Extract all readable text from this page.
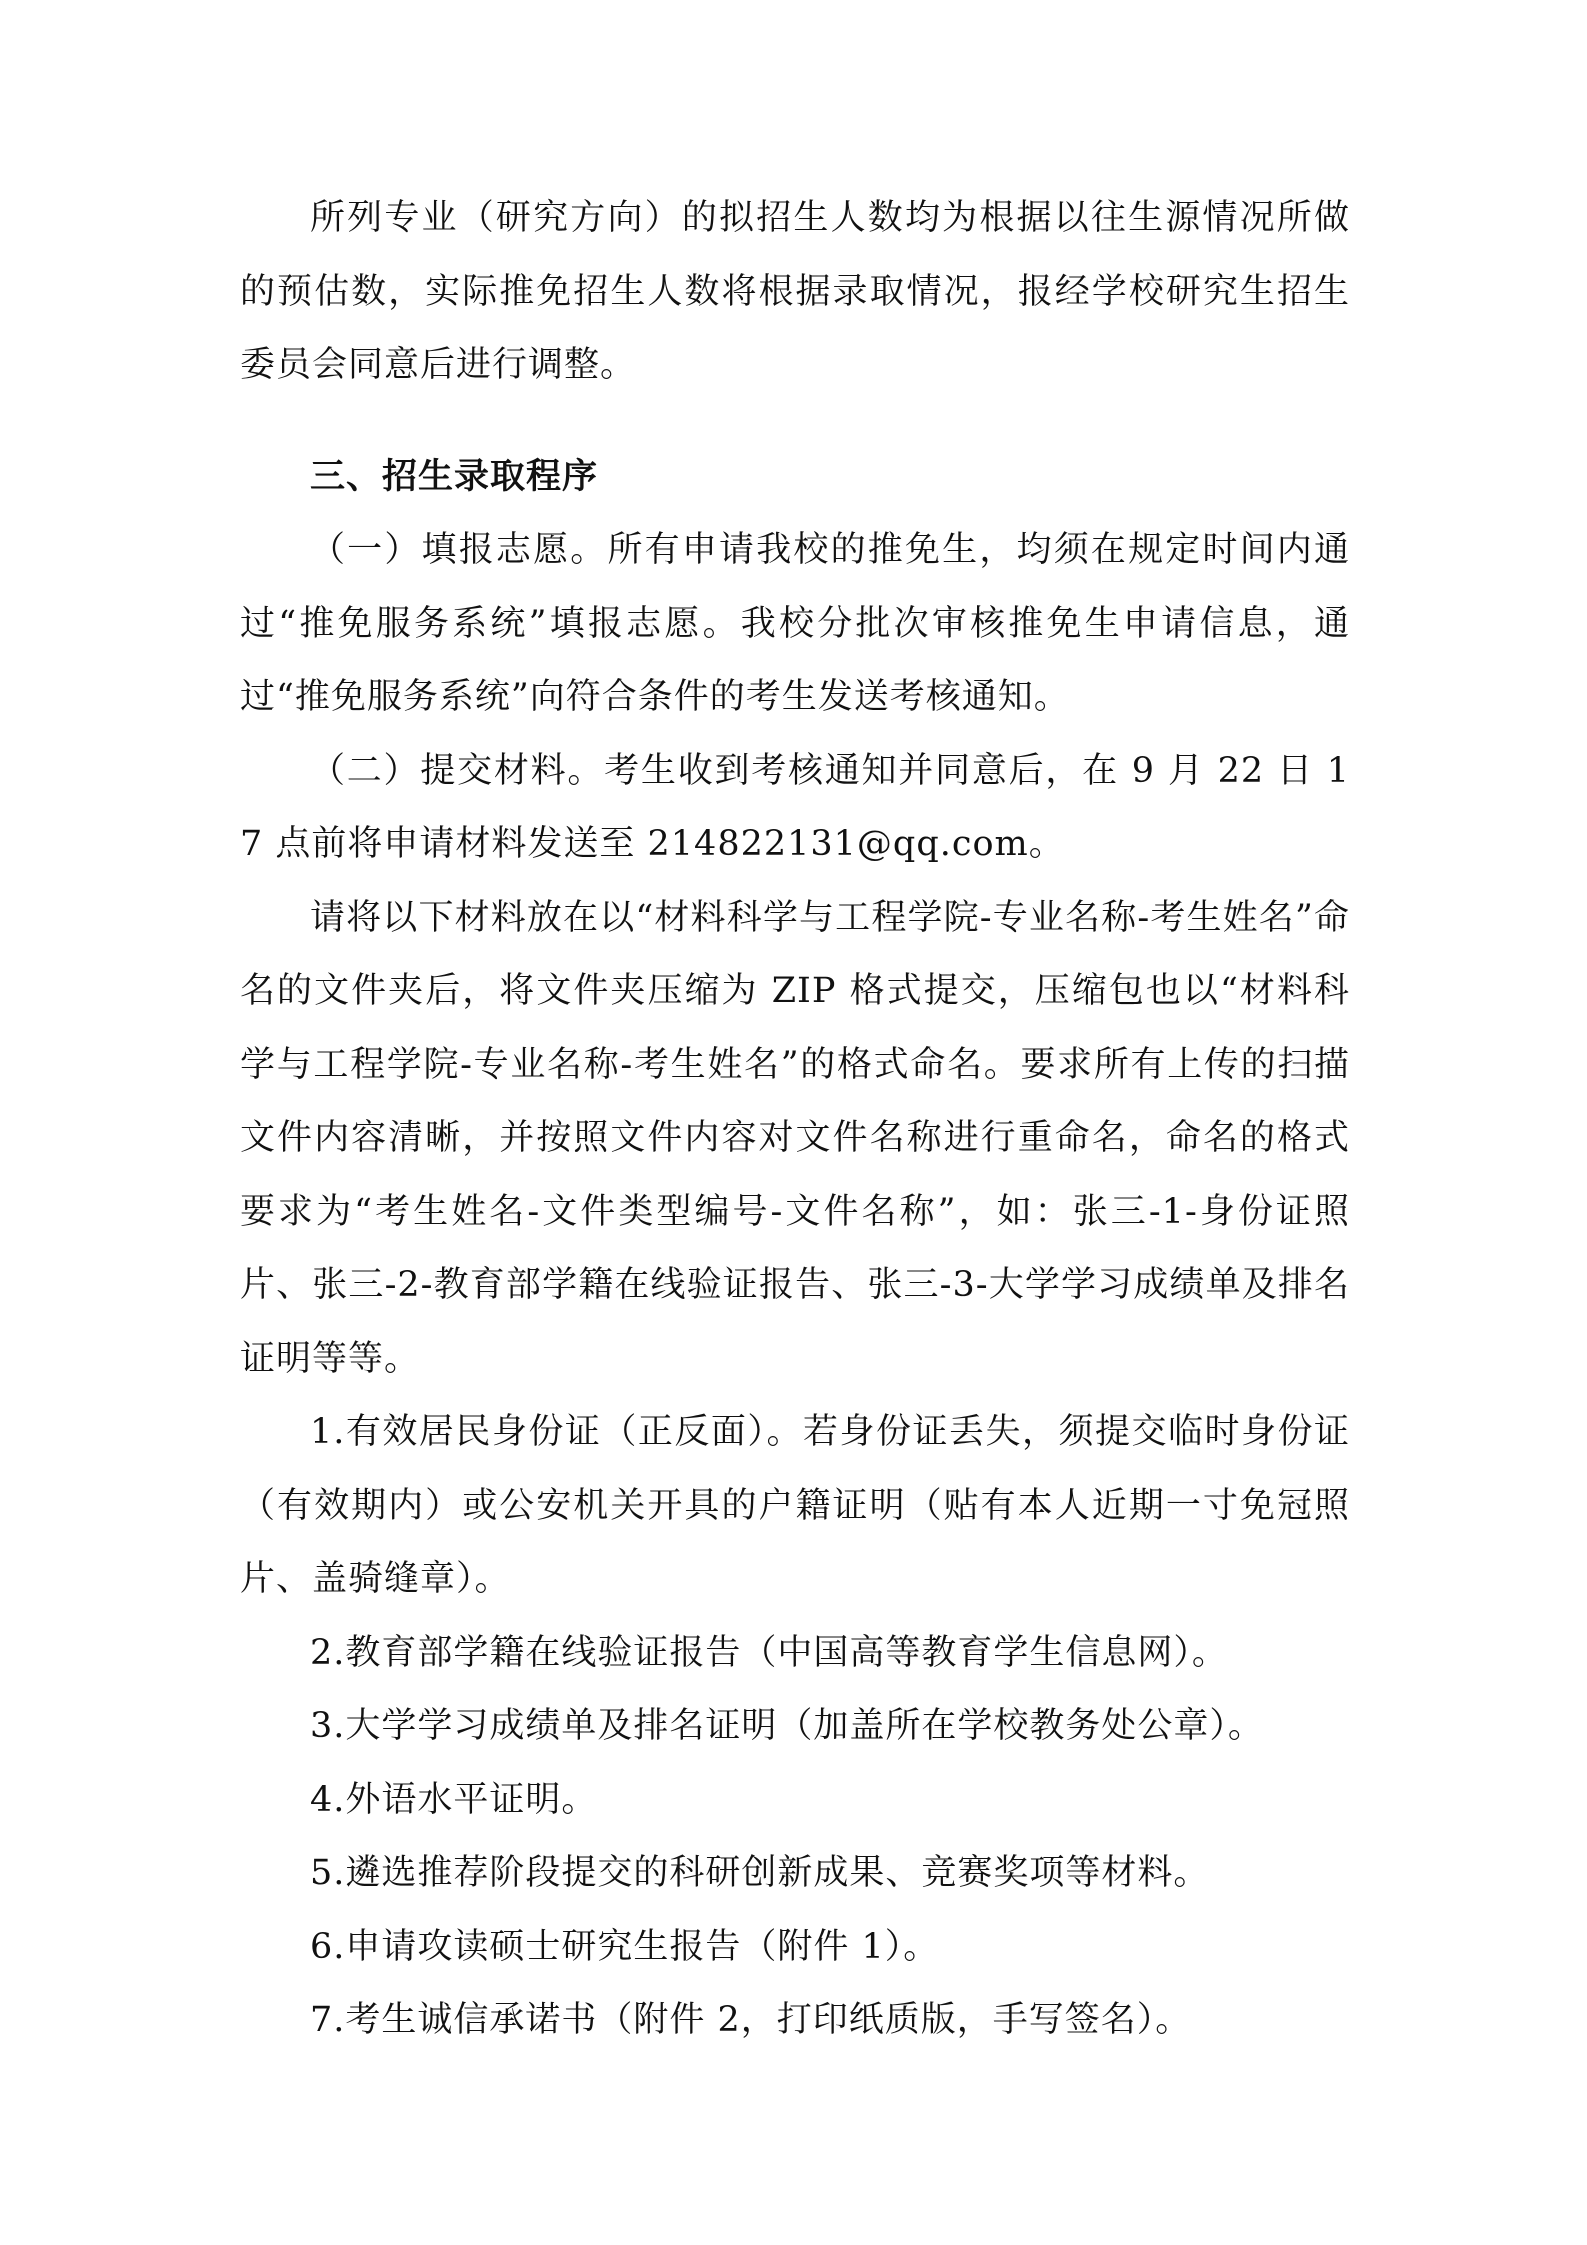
所列专业（研究方向）的拟招生人数均为根据以往生源情况所做的预估数，实际推免招生人数将根据录取情况，报经学校研究生招生委员会同意后进行调整。

三、招生录取程序

（一）填报志愿。所有申请我校的推免生，均须在规定时间内通过“推免服务系统”填报志愿。我校分批次审核推免生申请信息，通过“推免服务系统”向符合条件的考生发送考核通知。

（二）提交材料。考生收到考核通知并同意后，在 9 月 22 日 17 点前将申请材料发送至 214822131@qq.com。

请将以下材料放在以“材料科学与工程学院-专业名称-考生姓名”命名的文件夹后，将文件夹压缩为 ZIP 格式提交，压缩包也以“材料科学与工程学院-专业名称-考生姓名”的格式命名。要求所有上传的扫描文件内容清晰，并按照文件内容对文件名称进行重命名，命名的格式要求为“考生姓名-文件类型编号-文件名称”，如：张三-1-身份证照片、张三-2-教育部学籍在线验证报告、张三-3-大学学习成绩单及排名证明等等。

1.有效居民身份证（正反面）。若身份证丢失，须提交临时身份证（有效期内）或公安机关开具的户籍证明（贴有本人近期一寸免冠照片、盖骑缝章）。

2.教育部学籍在线验证报告（中国高等教育学生信息网）。

3.大学学习成绩单及排名证明（加盖所在学校教务处公章）。

4.外语水平证明。

5.遴选推荐阶段提交的科研创新成果、竞赛奖项等材料。

6.申请攻读硕士研究生报告（附件 1）。

7.考生诚信承诺书（附件 2，打印纸质版，手写签名）。
